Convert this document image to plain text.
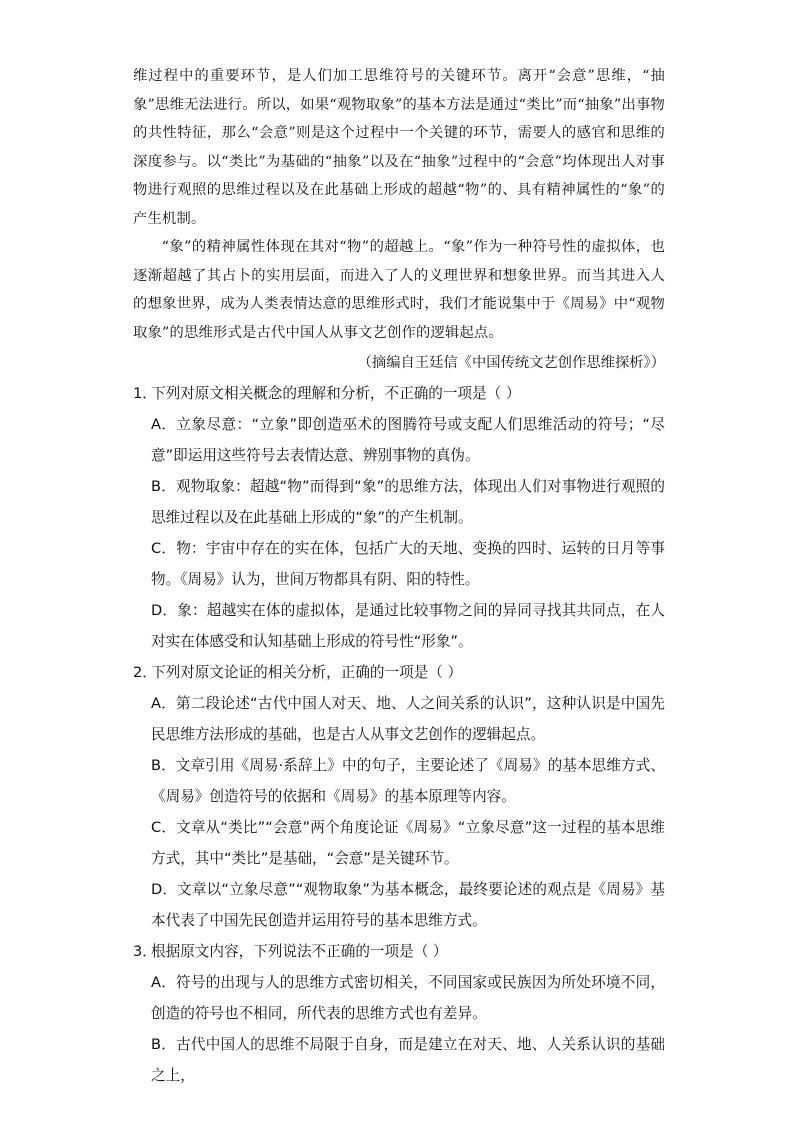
维过程中的重要环节，是人们加工思维符号的关键环节。离开“会意”思维，“抽象”思维无法进行。所以，如果“观物取象”的基本方法是通过“类比”而“抽象”出事物的共性特征，那么“会意”则是这个过程中一个关键的环节，需要人的感官和思维的深度参与。以“类比”为基础的“抽象”以及在“抽象”过程中的“会意”均体现出人对事物进行观照的思维过程以及在此基础上形成的超越“物”的、具有精神属性的“象”的产生机制。

“象”的精神属性体现在其对“物”的超越上。“象”作为一种符号性的虚拟体，也逐渐超越了其占卜的实用层面，而进入了人的义理世界和想象世界。而当其进入人的想象世界，成为人类表情达意的思维形式时，我们才能说集中于《周易》中“观物取象”的思维形式是古代中国人从事文艺创作的逻辑起点。

（摘编自王廷信《中国传统文艺创作思维探析》）
1．下列对原文相关概念的理解和分析，不正确的一项是（ ）
A．立象尽意：“立象”即创造巫术的图腾符号或支配人们思维活动的符号；“尽意”即运用这些符号去表情达意、辨别事物的真伪。
B．观物取象：超越“物”而得到“象”的思维方法，体现出人们对事物进行观照的思维过程以及在此基础上形成的“象”的产生机制。
C．物：宇宙中存在的实在体，包括广大的天地、变换的四时、运转的日月等事物。《周易》认为，世间万物都具有阴、阳的特性。
D．象：超越实在体的虚拟体，是通过比较事物之间的异同寻找其共同点，在人对实在体感受和认知基础上形成的符号性“形象”。
2．下列对原文论证的相关分析，正确的一项是（ ）
A．第二段论述“古代中国人对天、地、人之间关系的认识”，这种认识是中国先民思维方法形成的基础，也是古人从事文艺创作的逻辑起点。
B．文章引用《周易·系辞上》中的句子，主要论述了《周易》的基本思维方式、《周易》创造符号的依据和《周易》的基本原理等内容。
C．文章从“类比”“会意”两个角度论证《周易》“立象尽意”这一过程的基本思维方式，其中“类比”是基础，“会意”是关键环节。
D．文章以“立象尽意”“观物取象”为基本概念，最终要论述的观点是《周易》基本代表了中国先民创造并运用符号的基本思维方式。
3．根据原文内容，下列说法不正确的一项是（ ）
A．符号的出现与人的思维方式密切相关，不同国家或民族因为所处环境不同，创造的符号也不相同，所代表的思维方式也有差异。
B．古代中国人的思维不局限于自身，而是建立在对天、地、人关系认识的基础之上，
